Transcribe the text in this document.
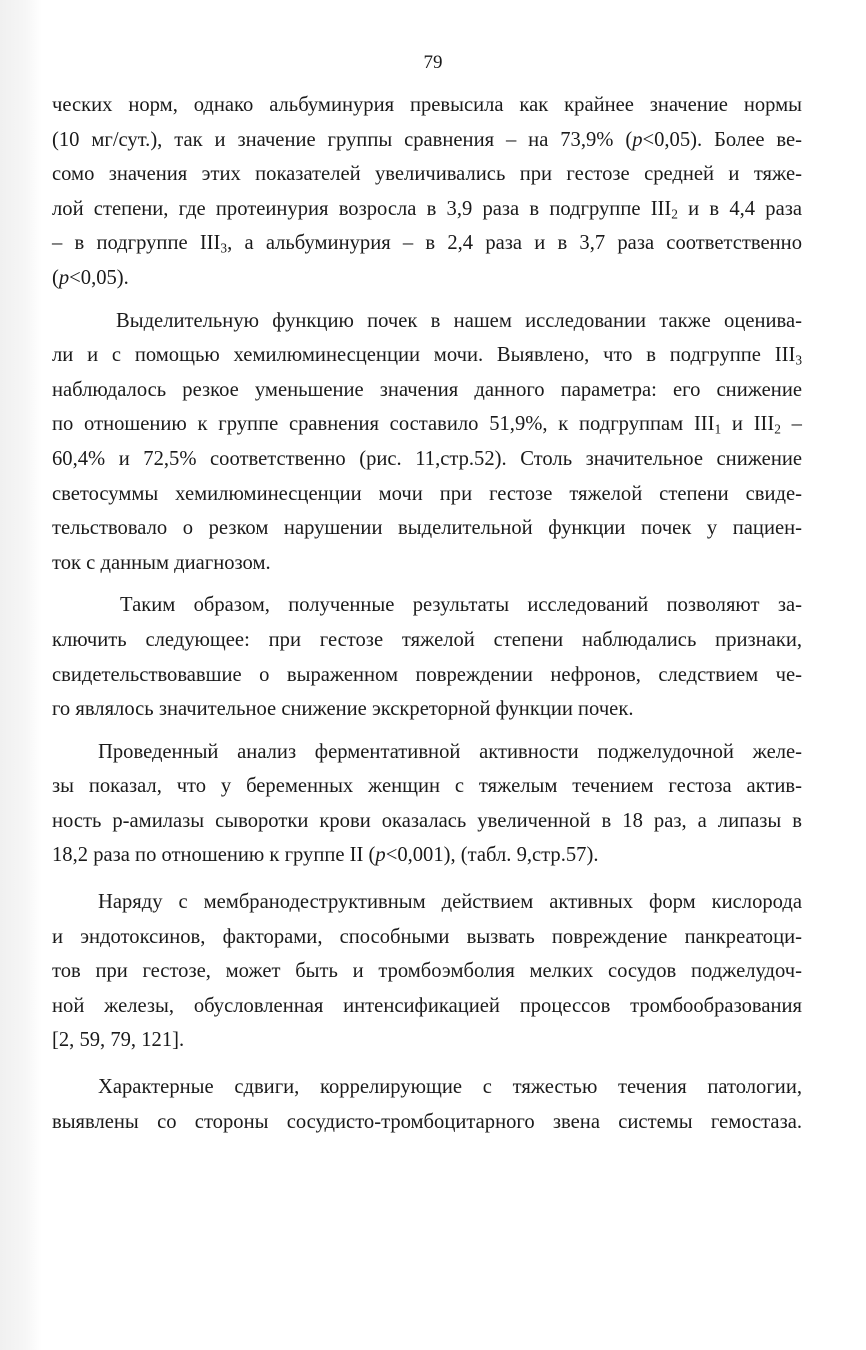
79

ческих норм, однако альбуминурия превысила как крайнее значение нормы
(10 мг/сут.), так и значение группы сравнения – на 73,9% (p<0,05). Более ве-
сомо значения этих показателей увеличивались при гестозе средней и тяже-
лой степени, где протеинурия возросла в 3,9 раза в подгруппе $III_2$ и в 4,4 раза
– в подгруппе $III_3$, а альбуминурия – в 2,4 раза и в 3,7 раза соответственно
(p<0,05).

Выделительную функцию почек в нашем исследовании также оценива-
ли и с помощью хемилюминесценции мочи. Выявлено, что в подгруппе $III_3$
наблюдалось резкое уменьшение значения данного параметра: его снижение
по отношению к группе сравнения составило 51,9%, к подгруппам $III_1$ и $III_2$ –
60,4% и 72,5% соответственно (рис. 11,стр.52). Столь значительное снижение
светосуммы хемилюминесценции мочи при гестозе тяжелой степени свиде-
тельствовало о резком нарушении выделительной функции почек у пациен-
ток с данным диагнозом.

Таким образом, полученные результаты исследований позволяют за-
ключить следующее: при гестозе тяжелой степени наблюдались признаки,
свидетельствовавшие о выраженном повреждении нефронов, следствием че-
го являлось значительное снижение экскреторной функции почек.

Проведенный анализ ферментативной активности поджелудочной желе-
зы показал, что у беременных женщин с тяжелым течением гестоза актив-
ность р-амилазы сыворотки крови оказалась увеличенной в 18 раз, а липазы в
18,2 раза по отношению к группе II (p<0,001), (табл. 9,стр.57).

Наряду с мембранодеструктивным действием активных форм кислорода
и эндотоксинов, факторами, способными вызвать повреждение панкреатоци-
тов при гестозе, может быть и тромбоэмболия мелких сосудов поджелудоч-
ной железы, обусловленная интенсификацией процессов тромбообразования
[2, 59, 79, 121].

Характерные сдвиги, коррелирующие с тяжестью течения патологии,
выявлены со стороны сосудисто-тромбоцитарного звена системы гемостаза.
